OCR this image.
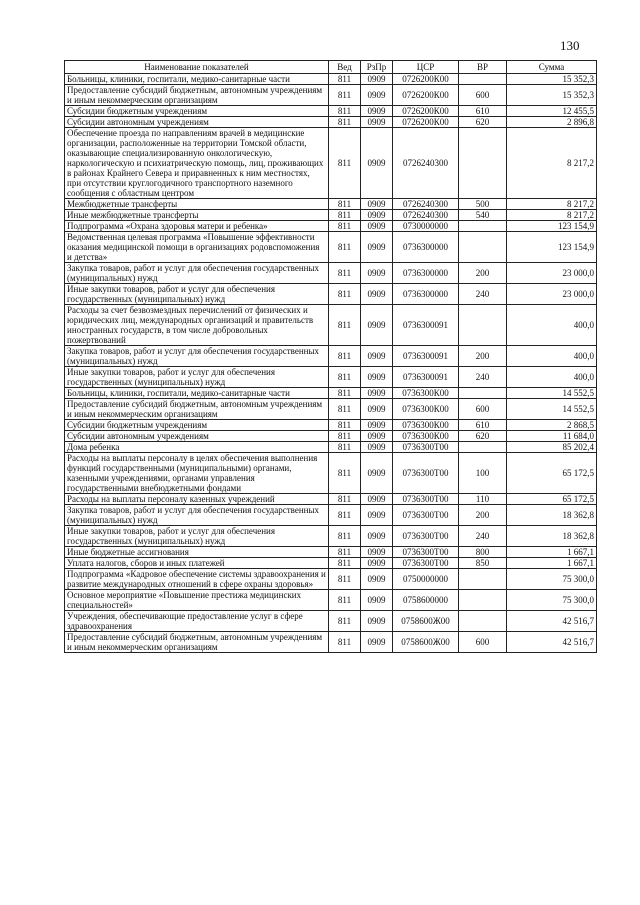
130
Наименование показателей	Вед	РзПр	ЦСР	ВР	Сумма
Больницы, клиники, госпитали, медико-санитарные части	811	0909	0726200К00		15 352,3
Предоставление субсидий бюджетным, автономным учреждениям и иным некоммерческим организациям	811	0909	0726200К00	600	15 352,3
Субсидии бюджетным учреждениям	811	0909	0726200К00	610	12 455,5
Субсидии автономным учреждениям	811	0909	0726200К00	620	2 896,8
Обеспечение проезда по направлениям врачей в медицинские организации, расположенные на территории Томской области, оказывающие специализированную онкологическую, наркологическую и психиатрическую помощь, лиц, проживающих в районах Крайнего Севера и приравненных к ним местностях, при отсутствии круглогодичного транспортного наземного сообщения с областным центром	811	0909	0726240300		8 217,2
Межбюджетные трансферты	811	0909	0726240300	500	8 217,2
Иные межбюджетные трансферты	811	0909	0726240300	540	8 217,2
Подпрограмма «Охрана здоровья матери и ребенка»	811	0909	0730000000		123 154,9
Ведомственная целевая программа «Повышение эффективности оказания медицинской помощи в организациях родовспоможения и детства»	811	0909	0736300000		123 154,9
Закупка товаров, работ и услуг для обеспечения государственных (муниципальных) нужд	811	0909	0736300000	200	23 000,0
Иные закупки товаров, работ и услуг для обеспечения государственных (муниципальных) нужд	811	0909	0736300000	240	23 000,0
Расходы за счет безвозмездных перечислений от физических и юридических лиц, международных организаций и правительств иностранных государств, в том числе добровольных пожертвований	811	0909	0736300091		400,0
Закупка товаров, работ и услуг для обеспечения государственных (муниципальных) нужд	811	0909	0736300091	200	400,0
Иные закупки товаров, работ и услуг для обеспечения государственных (муниципальных) нужд	811	0909	0736300091	240	400,0
Больницы, клиники, госпитали, медико-санитарные части	811	0909	0736300К00		14 552,5
Предоставление субсидий бюджетным, автономным учреждениям и иным некоммерческим организациям	811	0909	0736300К00	600	14 552,5
Субсидии бюджетным учреждениям	811	0909	0736300К00	610	2 868,5
Субсидии автономным учреждениям	811	0909	0736300К00	620	11 684,0
Дома ребенка	811	0909	0736300Т00		85 202,4
Расходы на выплаты персоналу в целях обеспечения выполнения функций государственными (муниципальными) органами, казенными учреждениями, органами управления государственными внебюджетными фондами	811	0909	0736300Т00	100	65 172,5
Расходы на выплаты персоналу казенных учреждений	811	0909	0736300Т00	110	65 172,5
Закупка товаров, работ и услуг для обеспечения государственных (муниципальных) нужд	811	0909	0736300Т00	200	18 362,8
Иные закупки товаров, работ и услуг для обеспечения государственных (муниципальных) нужд	811	0909	0736300Т00	240	18 362,8
Иные бюджетные ассигнования	811	0909	0736300Т00	800	1 667,1
Уплата налогов, сборов и иных платежей	811	0909	0736300Т00	850	1 667,1
Подпрограмма «Кадровое обеспечение системы здравоохранения и развитие международных отношений в сфере охраны здоровья»	811	0909	0750000000		75 300,0
Основное мероприятие «Повышение престижа медицинских специальностей»	811	0909	0758600000		75 300,0
Учреждения, обеспечивающие предоставление услуг в сфере здравоохранения	811	0909	0758600Ж00		42 516,7
Предоставление субсидий бюджетным, автономным учреждениям и иным некоммерческим организациям	811	0909	0758600Ж00	600	42 516,7
